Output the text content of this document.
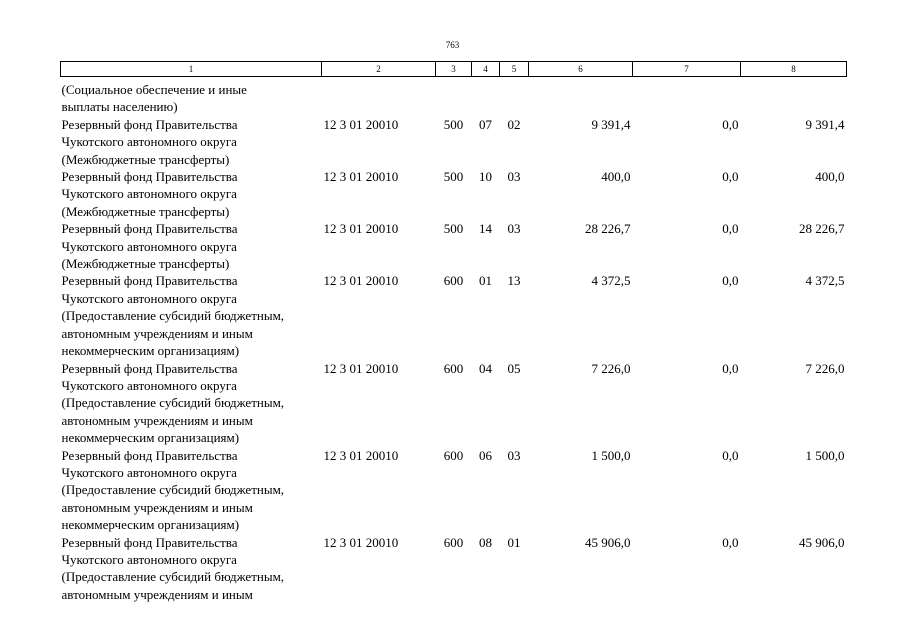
763
1	2	3	4	5	6	7	8

(Социальное обеспечение и иные
выплаты населению)							

Резервный фонд Правительства
Чукотского автономного округа
(Межбюджетные трансферты)	12 3 01 20010	500	07	02	9 391,4	0,0	9 391,4

Резервный фонд Правительства
Чукотского автономного округа
(Межбюджетные трансферты)	12 3 01 20010	500	10	03	400,0	0,0	400,0

Резервный фонд Правительства
Чукотского автономного округа
(Межбюджетные трансферты)	12 3 01 20010	500	14	03	28 226,7	0,0	28 226,7

Резервный фонд Правительства
Чукотского автономного округа
(Предоставление субсидий бюджетным,
автономным учреждениям и иным
некоммерческим организациям)	12 3 01 20010	600	01	13	4 372,5	0,0	4 372,5

Резервный фонд Правительства
Чукотского автономного округа
(Предоставление субсидий бюджетным,
автономным учреждениям и иным
некоммерческим организациям)	12 3 01 20010	600	04	05	7 226,0	0,0	7 226,0

Резервный фонд Правительства
Чукотского автономного округа
(Предоставление субсидий бюджетным,
автономным учреждениям и иным
некоммерческим организациям)	12 3 01 20010	600	06	03	1 500,0	0,0	1 500,0

Резервный фонд Правительства
Чукотского автономного округа
(Предоставление субсидий бюджетным,
автономным учреждениям и иным	12 3 01 20010	600	08	01	45 906,0	0,0	45 906,0
